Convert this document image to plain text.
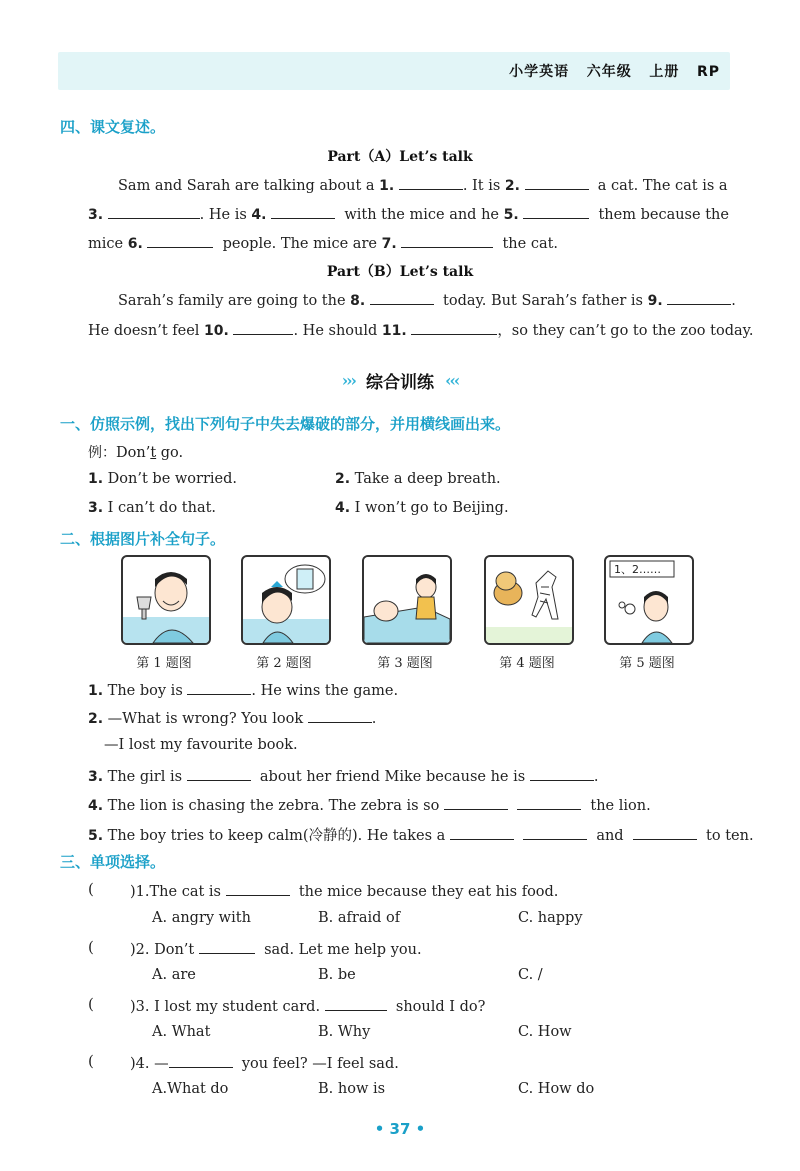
小学英语 六年级 上册 RP
四、课文复述。
Part（A）Let’s talk
Sam and Sarah are talking about a 1.	. It is 2.	a cat. The cat is a
3.	. He is 4.	with the mice and he 5.	them because the
mice 6.	people. The mice are 7.	the cat.
Part（B）Let’s talk
Sarah’s family are going to the 8.	today. But Sarah’s father is 9.	.
He doesn’t feel 10.	. He should 11.	，so they can’t go to the zoo today.
››› 综合训练 ‹‹‹
一、仿照示例，找出下列句子中失去爆破的部分，并用横线画出来。
例：Don’t go.
1. Don’t be worried.	2. Take a deep breath.
3. I can’t do that.	4. I won’t go to Beijing.
二、根据图片补全句子。
1、2……
第 1 题图	第 2 题图	第 3 题图	第 4 题图	第 5 题图
1. The boy is	. He wins the game.
2. —What is wrong? You look	.
—I lost my favourite book.
3. The girl is	about her friend Mike because he is	.
4. The lion is chasing the zebra. The zebra is so	the lion.
5. The boy tries to keep calm(冷静的). He takes a	and	to ten.
三、单项选择。
( )1.The cat is	the mice because they eat his food.
A. angry with	B. afraid of	C. happy
( )2. Don’t	sad. Let me help you.
A. are	B. be	C. /
( )3. I lost my student card.	should I do?
A. What	B. Why	C. How
( )4. —	you feel? —I feel sad.
A.What do	B. how is	C. How do
• 37 •
